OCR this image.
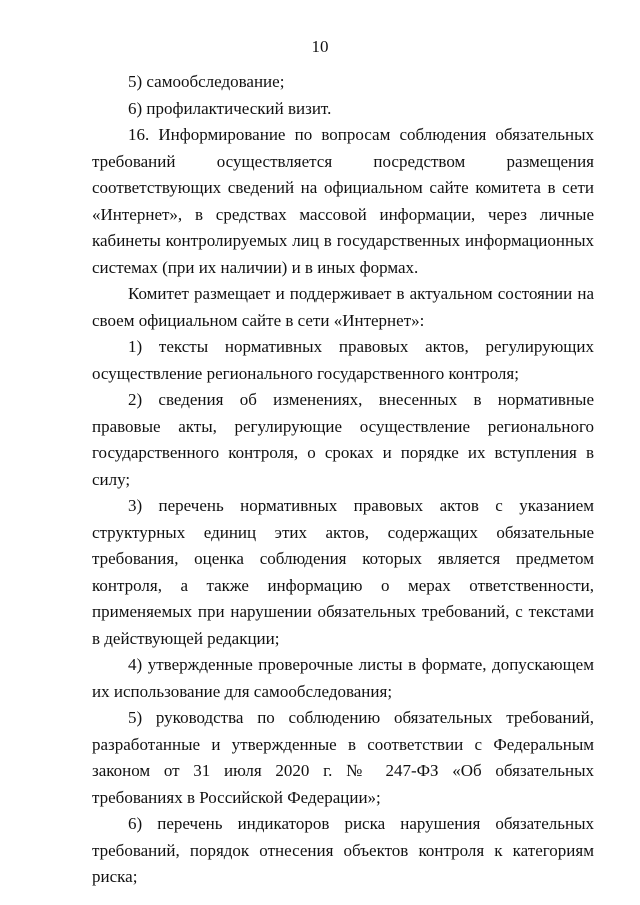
10

5) самообследование;

6) профилактический визит.

16. Информирование по вопросам соблюдения обязательных требований осуществляется посредством размещения соответствующих сведений на официальном сайте комитета в сети «Интернет», в средствах массовой информации, через личные кабинеты контролируемых лиц в государственных информационных системах (при их наличии) и в иных формах.

Комитет размещает и поддерживает в актуальном состоянии на своем официальном сайте в сети «Интернет»:

1) тексты нормативных правовых актов, регулирующих осуществление регионального государственного контроля;

2) сведения об изменениях, внесенных в нормативные правовые акты, регулирующие осуществление регионального государственного контроля, о сроках и порядке их вступления в силу;

3) перечень нормативных правовых актов с указанием структурных единиц этих актов, содержащих обязательные требования, оценка соблюдения которых является предметом контроля, а также информацию о мерах ответственности, применяемых при нарушении обязательных требований, с текстами в действующей редакции;

4) утвержденные проверочные листы в формате, допускающем их использование для самообследования;

5) руководства по соблюдению обязательных требований, разработанные и утвержденные в соответствии с Федеральным законом от 31 июля 2020 г. № 247-ФЗ «Об обязательных требованиях в Российской Федерации»;

6) перечень индикаторов риска нарушения обязательных требований, порядок отнесения объектов контроля к категориям риска;
